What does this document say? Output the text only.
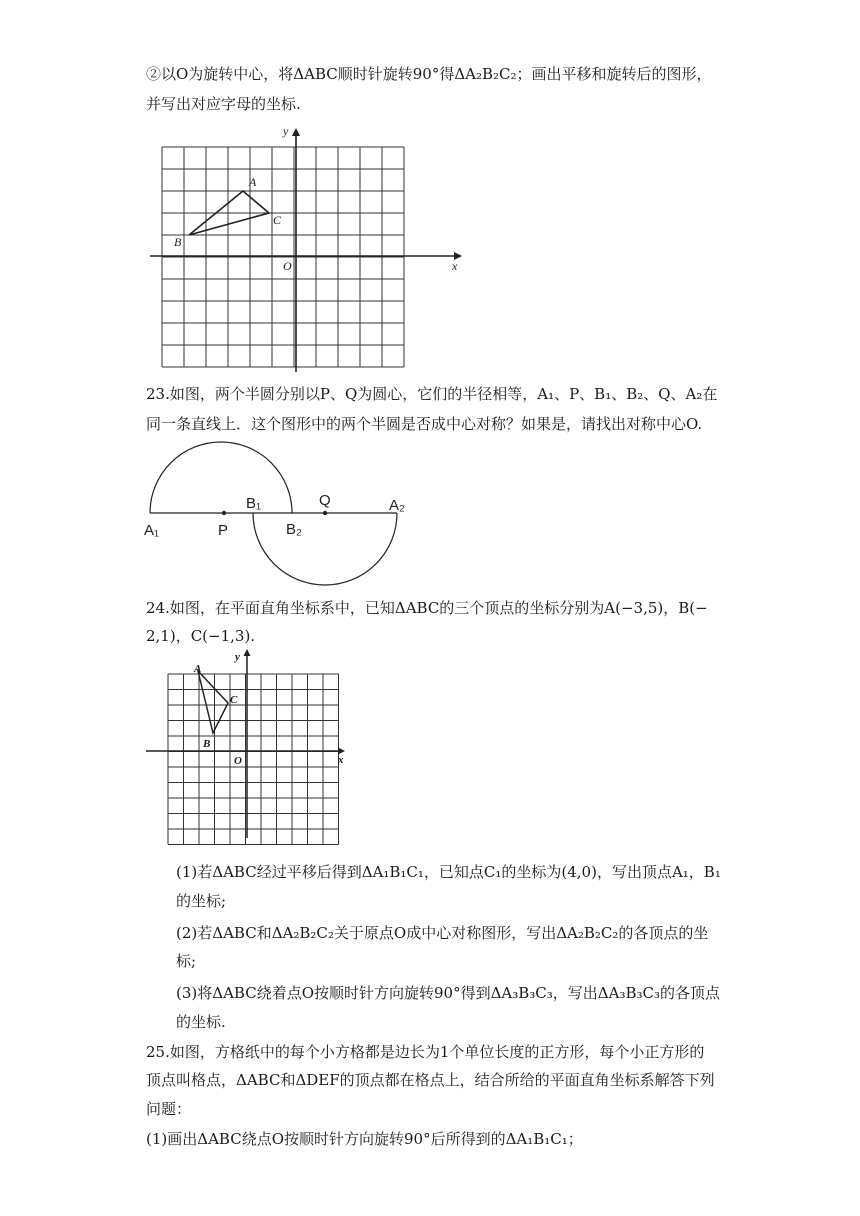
②以O为旋转中心，将ΔABC顺时针旋转90°得ΔA₂B₂C₂；画出平移和旋转后的图形，
并写出对应字母的坐标.
A
B
C
O	x
y
23.如图，两个半圆分别以P、Q为圆心，它们的半径相等，A₁、P、B₁、B₂、Q、A₂在
同一条直线上．这个图形中的两个半圆是否成中心对称？如果是，请找出对称中心O.
A₁	P
B₁
B₂
Q	A₂
24.如图，在平面直角坐标系中，已知ΔABC的三个顶点的坐标分别为A(−3,5)，B(−
2,1)，C(−1,3).
A
B
C
O	x
y
(1)若ΔABC经过平移后得到ΔA₁B₁C₁，已知点C₁的坐标为(4,0)，写出顶点A₁，B₁
的坐标;
(2)若ΔABC和ΔA₂B₂C₂关于原点O成中心对称图形，写出ΔA₂B₂C₂的各顶点的坐
标;
(3)将ΔABC绕着点O按顺时针方向旋转90°得到ΔA₃B₃C₃，写出ΔA₃B₃C₃的各顶点
的坐标.
25.如图，方格纸中的每个小方格都是边长为1个单位长度的正方形，每个小正方形的
顶点叫格点，ΔABC和ΔDEF的顶点都在格点上，结合所给的平面直角坐标系解答下列
问题：
(1)画出ΔABC绕点O按顺时针方向旋转90°后所得到的ΔA₁B₁C₁；
